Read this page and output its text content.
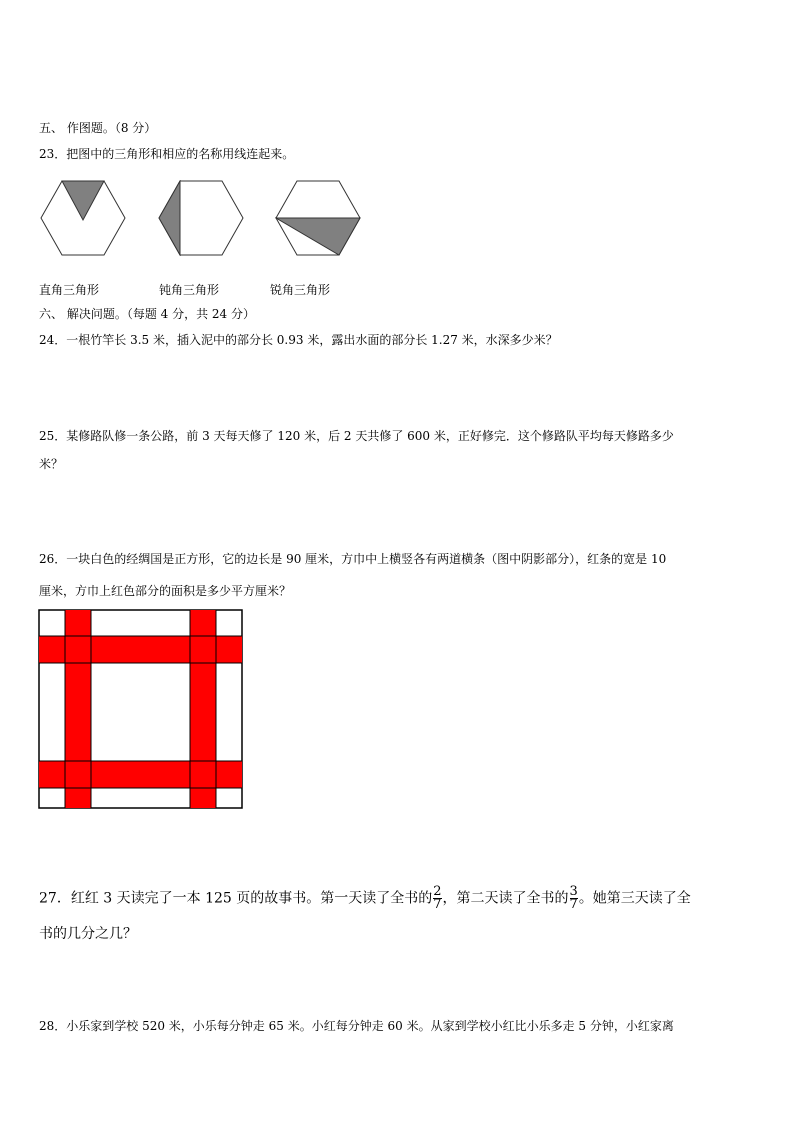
五、 作图题。（8 分）
23．把图中的三角形和相应的名称用线连起来。
直角三角形	钝角三角形	锐角三角形
六、 解决问题。（每题 4 分，共 24 分）
24．一根竹竿长 3.5 米，插入泥中的部分长 0.93 米，露出水面的部分长 1.27 米，水深多少米？
25．某修路队修一条公路，前 3 天每天修了 120 米，后 2 天共修了 600 米，正好修完．这个修路队平均每天修路多少
米？
26．一块白色的经绸国是正方形，它的边长是 90 厘米，方巾中上横竖各有两道横条（图中阴影部分），红条的宽是 10
厘米，方巾上红色部分的面积是多少平方厘米？
27．红红 3 天读完了一本 125 页的故事书。第一天读了全书的 $\frac{2}{7}$ ，第二天读了全书的 $\frac{3}{7}$ 。她第三天读了全
书的几分之几？
28．小乐家到学校 520 米，小乐每分钟走 65 米。小红每分钟走 60 米。从家到学校小红比小乐多走 5 分钟，小红家离
